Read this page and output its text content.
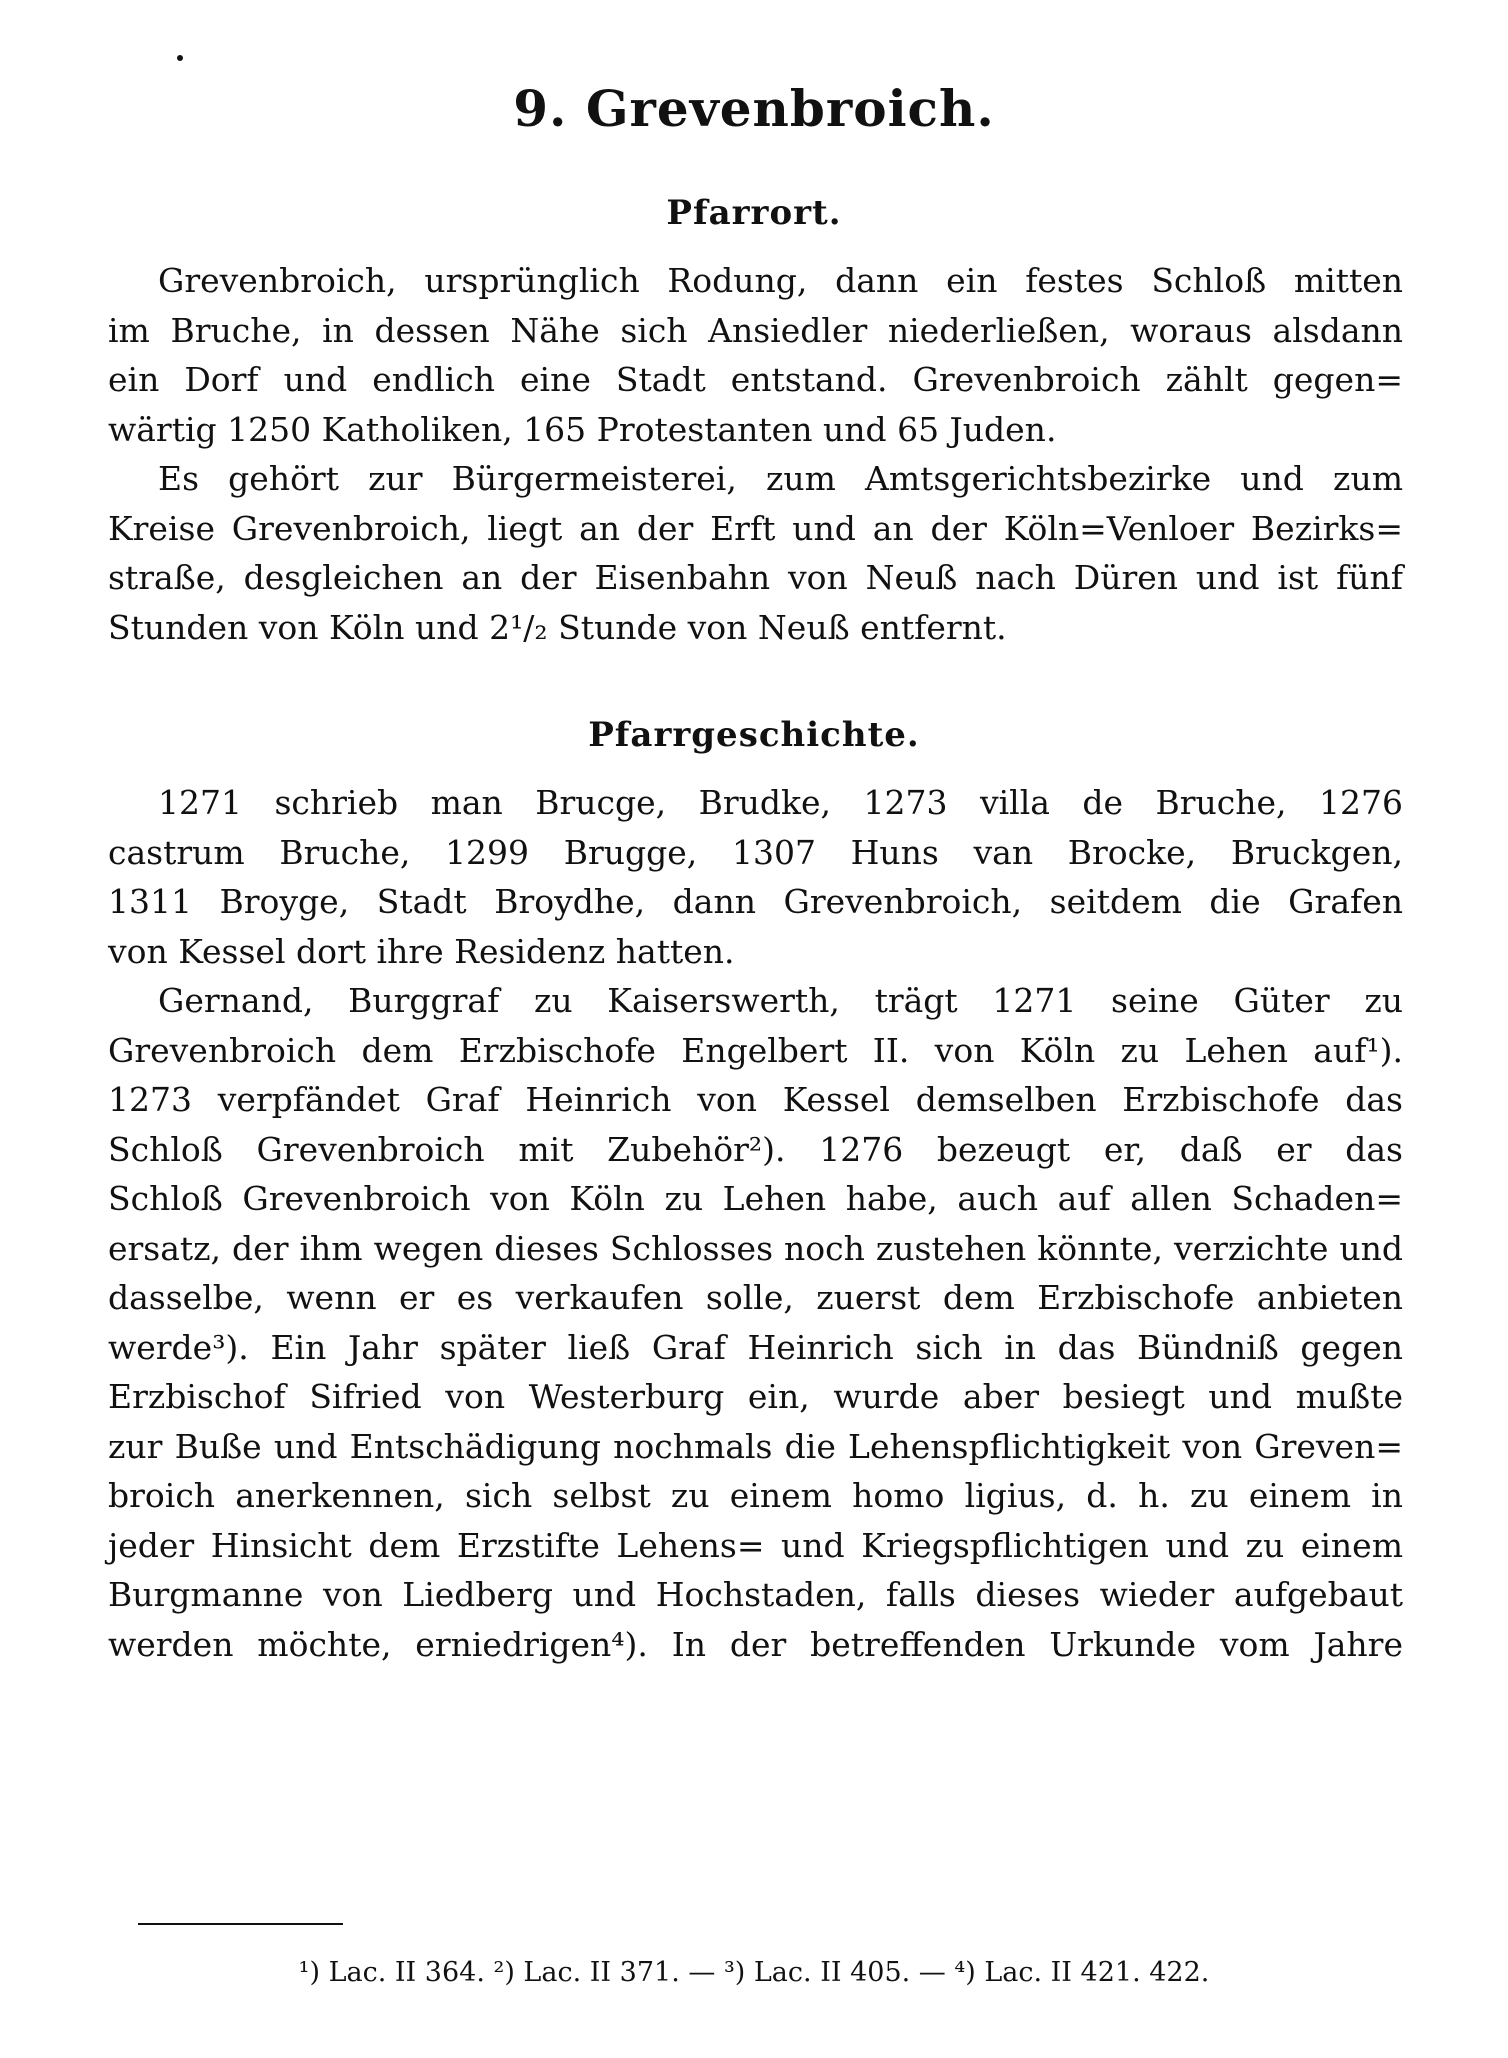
9. Grevenbroich.
Pfarrort.
Grevenbroich, ursprünglich Rodung, dann ein festes Schloß mitten
im Bruche, in dessen Nähe sich Ansiedler niederließen, woraus alsdann
ein Dorf und endlich eine Stadt entstand. Grevenbroich zählt gegen=
wärtig 1250 Katholiken, 165 Protestanten und 65 Juden.
Es gehört zur Bürgermeisterei, zum Amtsgerichtsbezirke und zum
Kreise Grevenbroich, liegt an der Erft und an der Köln=Venloer Bezirks=
straße, desgleichen an der Eisenbahn von Neuß nach Düren und ist fünf
Stunden von Köln und 2¹/₂ Stunde von Neuß entfernt.
Pfarrgeschichte.
1271 schrieb man Brucge, Brudke, 1273 villa de Bruche, 1276
castrum Bruche, 1299 Brugge, 1307 Huns van Brocke, Bruckgen,
1311 Broyge, Stadt Broydhe, dann Grevenbroich, seitdem die Grafen
von Kessel dort ihre Residenz hatten.
Gernand, Burggraf zu Kaiserswerth, trägt 1271 seine Güter zu
Grevenbroich dem Erzbischofe Engelbert II. von Köln zu Lehen auf¹).
1273 verpfändet Graf Heinrich von Kessel demselben Erzbischofe das
Schloß Grevenbroich mit Zubehör²). 1276 bezeugt er, daß er das
Schloß Grevenbroich von Köln zu Lehen habe, auch auf allen Schaden=
ersatz, der ihm wegen dieses Schlosses noch zustehen könnte, verzichte und
dasselbe, wenn er es verkaufen solle, zuerst dem Erzbischofe anbieten
werde³). Ein Jahr später ließ Graf Heinrich sich in das Bündniß gegen
Erzbischof Sifried von Westerburg ein, wurde aber besiegt und mußte
zur Buße und Entschädigung nochmals die Lehenspflichtigkeit von Greven=
broich anerkennen, sich selbst zu einem homo ligius, d. h. zu einem in
jeder Hinsicht dem Erzstifte Lehens= und Kriegspflichtigen und zu einem
Burgmanne von Liedberg und Hochstaden, falls dieses wieder aufgebaut
werden möchte, erniedrigen⁴). In der betreffenden Urkunde vom Jahre
¹) Lac. II 364. ²) Lac. II 371. — ³) Lac. II 405. — ⁴) Lac. II 421. 422.
